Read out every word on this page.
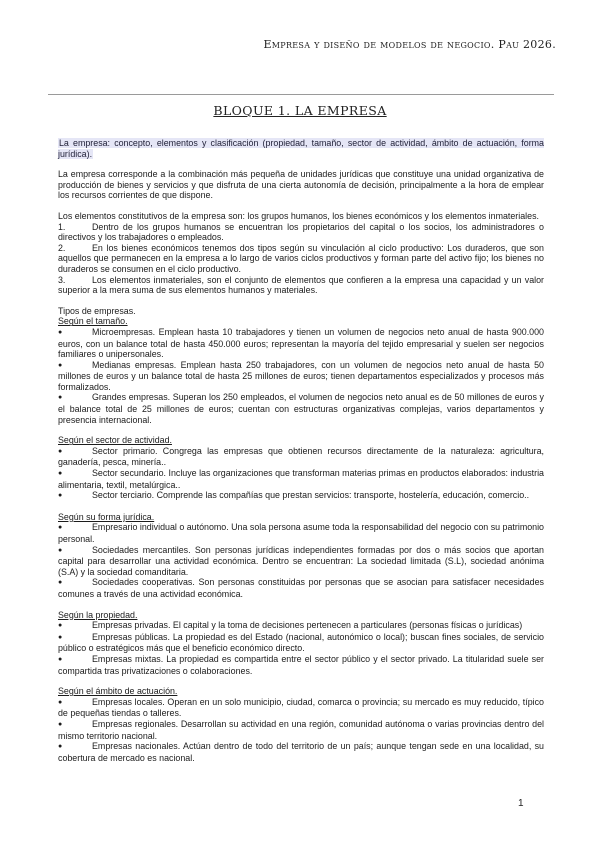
Empresa y diseño de modelos de negocio. Pau 2026.
BLOQUE 1. LA EMPRESA

La empresa: concepto, elementos y clasificación (propiedad, tamaño, sector de actividad, ámbito de actuación, forma jurídica).

La empresa corresponde a la combinación más pequeña de unidades jurídicas que constituye una unidad organizativa de producción de bienes y servicios y que disfruta de una cierta autonomía de decisión, principalmente a la hora de emplear los recursos corrientes de que dispone.

Los elementos constitutivos de la empresa son: los grupos humanos, los bienes económicos y los elementos inmateriales.

1.	Dentro de los grupos humanos se encuentran los propietarios del capital o los socios, los administradores o directivos y los trabajadores o empleados.

2.	En los bienes económicos tenemos dos tipos según su vinculación al ciclo productivo: Los duraderos, que son aquellos que permanecen en la empresa a lo largo de varios ciclos productivos y forman parte del activo fijo; los bienes no duraderos se consumen en el ciclo productivo.

3.	Los elementos inmateriales, son el conjunto de elementos que confieren a la empresa una capacidad y un valor superior a la mera suma de sus elementos humanos y materiales.

Tipos de empresas.

Según el tamaño.

●	Microempresas. Emplean hasta 10 trabajadores y tienen un volumen de negocios neto anual de hasta 900.000 euros, con un balance total de hasta 450.000 euros; representan la mayoría del tejido empresarial y suelen ser negocios familiares o unipersonales.

●	Medianas empresas. Emplean hasta 250 trabajadores, con un volumen de negocios neto anual de hasta 50 millones de euros y un balance total de hasta 25 millones de euros; tienen departamentos especializados y procesos más formalizados.

●	Grandes empresas. Superan los 250 empleados, el volumen de negocios neto anual es de 50 millones de euros y el balance total de 25 millones de euros; cuentan con estructuras organizativas complejas, varios departamentos y presencia internacional.

Según el sector de actividad.

●	Sector primario. Congrega las empresas que obtienen recursos directamente de la naturaleza: agricultura, ganadería, pesca, minería..

●	Sector secundario. Incluye las organizaciones que transforman materias primas en productos elaborados: industria alimentaria, textil, metalúrgica..

●	Sector terciario. Comprende las compañías que prestan servicios: transporte, hostelería, educación, comercio..

Según su forma jurídica.

●	Empresario individual o autónomo. Una sola persona asume toda la responsabilidad del negocio con su patrimonio personal.

●	Sociedades mercantiles. Son personas jurídicas independientes formadas por dos o más socios que aportan capital para desarrollar una actividad económica. Dentro se encuentran: La sociedad limitada (S.L), sociedad anónima (S.A) y la sociedad comanditaria.

●	Sociedades cooperativas. Son personas constituidas por personas que se asocian para satisfacer necesidades comunes a través de una actividad económica.

Según la propiedad.

●	Empresas privadas. El capital y la toma de decisiones pertenecen a particulares (personas físicas o jurídicas)

●	Empresas públicas. La propiedad es del Estado (nacional, autonómico o local); buscan fines sociales, de servicio público o estratégicos más que el beneficio económico directo.

●	Empresas mixtas. La propiedad es compartida entre el sector público y el sector privado. La titularidad suele ser compartida tras privatizaciones o colaboraciones.

Según el ámbito de actuación.

●	Empresas locales. Operan en un solo municipio, ciudad, comarca o provincia; su mercado es muy reducido, típico de pequeñas tiendas o talleres.

●	Empresas regionales. Desarrollan su actividad en una región, comunidad autónoma o varias provincias dentro del mismo territorio nacional.

●	Empresas nacionales. Actúan dentro de todo del territorio de un país; aunque tengan sede en una localidad, su cobertura de mercado es nacional.

1
